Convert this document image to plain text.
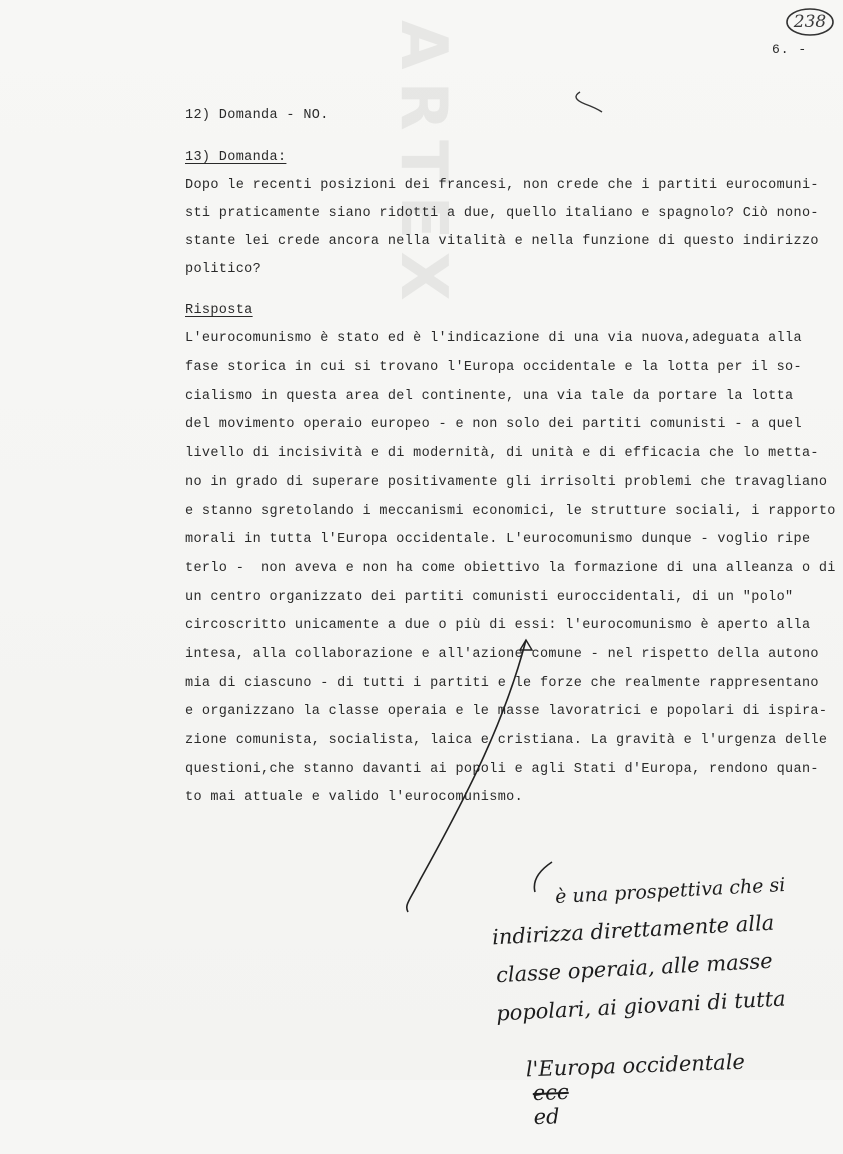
ARTEX	238
6. -
12) Domanda - NO.
13) Domanda:
Dopo le recenti posizioni dei francesi, non crede che i partiti eurocomuni-
sti praticamente siano ridotti a due, quello italiano e spagnolo? Ciò nono-
stante lei crede ancora nella vitalità e nella funzione di questo indirizzo
politico?
Risposta
L'eurocomunismo è stato ed è l'indicazione di una via nuova,adeguata alla
fase storica in cui si trovano l'Europa occidentale e la lotta per il so-
cialismo in questa area del continente, una via tale da portare la lotta
del movimento operaio europeo - e non solo dei partiti comunisti - a quel
livello di incisività e di modernità, di unità e di efficacia che lo metta-
no in grado di superare positivamente gli irrisolti problemi che travagliano
e stanno sgretolando i meccanismi economici, le strutture sociali, i rapporto
morali in tutta l'Europa occidentale. L'eurocomunismo dunque - voglio ripe
terlo -  non aveva e non ha come obiettivo la formazione di una alleanza o di
un centro organizzato dei partiti comunisti euroccidentali, di un "polo"
circoscritto unicamente a due o più di essi: l'eurocomunismo è aperto alla
intesa, alla collaborazione e all'azione comune - nel rispetto della autono
mia di ciascuno - di tutti i partiti e le forze che realmente rappresentano
e organizzano la classe operaia e le masse lavoratrici e popolari di ispira-
zione comunista, socialista, laica e cristiana. La gravità e l'urgenza delle
questioni,che stanno davanti ai popoli e agli Stati d'Europa, rendono quan-
to mai attuale e valido l'eurocomunismo.
è una prospettiva che si
indirizza direttamente alla
classe operaia, alle masse
popolari, ai giovani di tutta

l'Europa occidentale
ecc
ed
